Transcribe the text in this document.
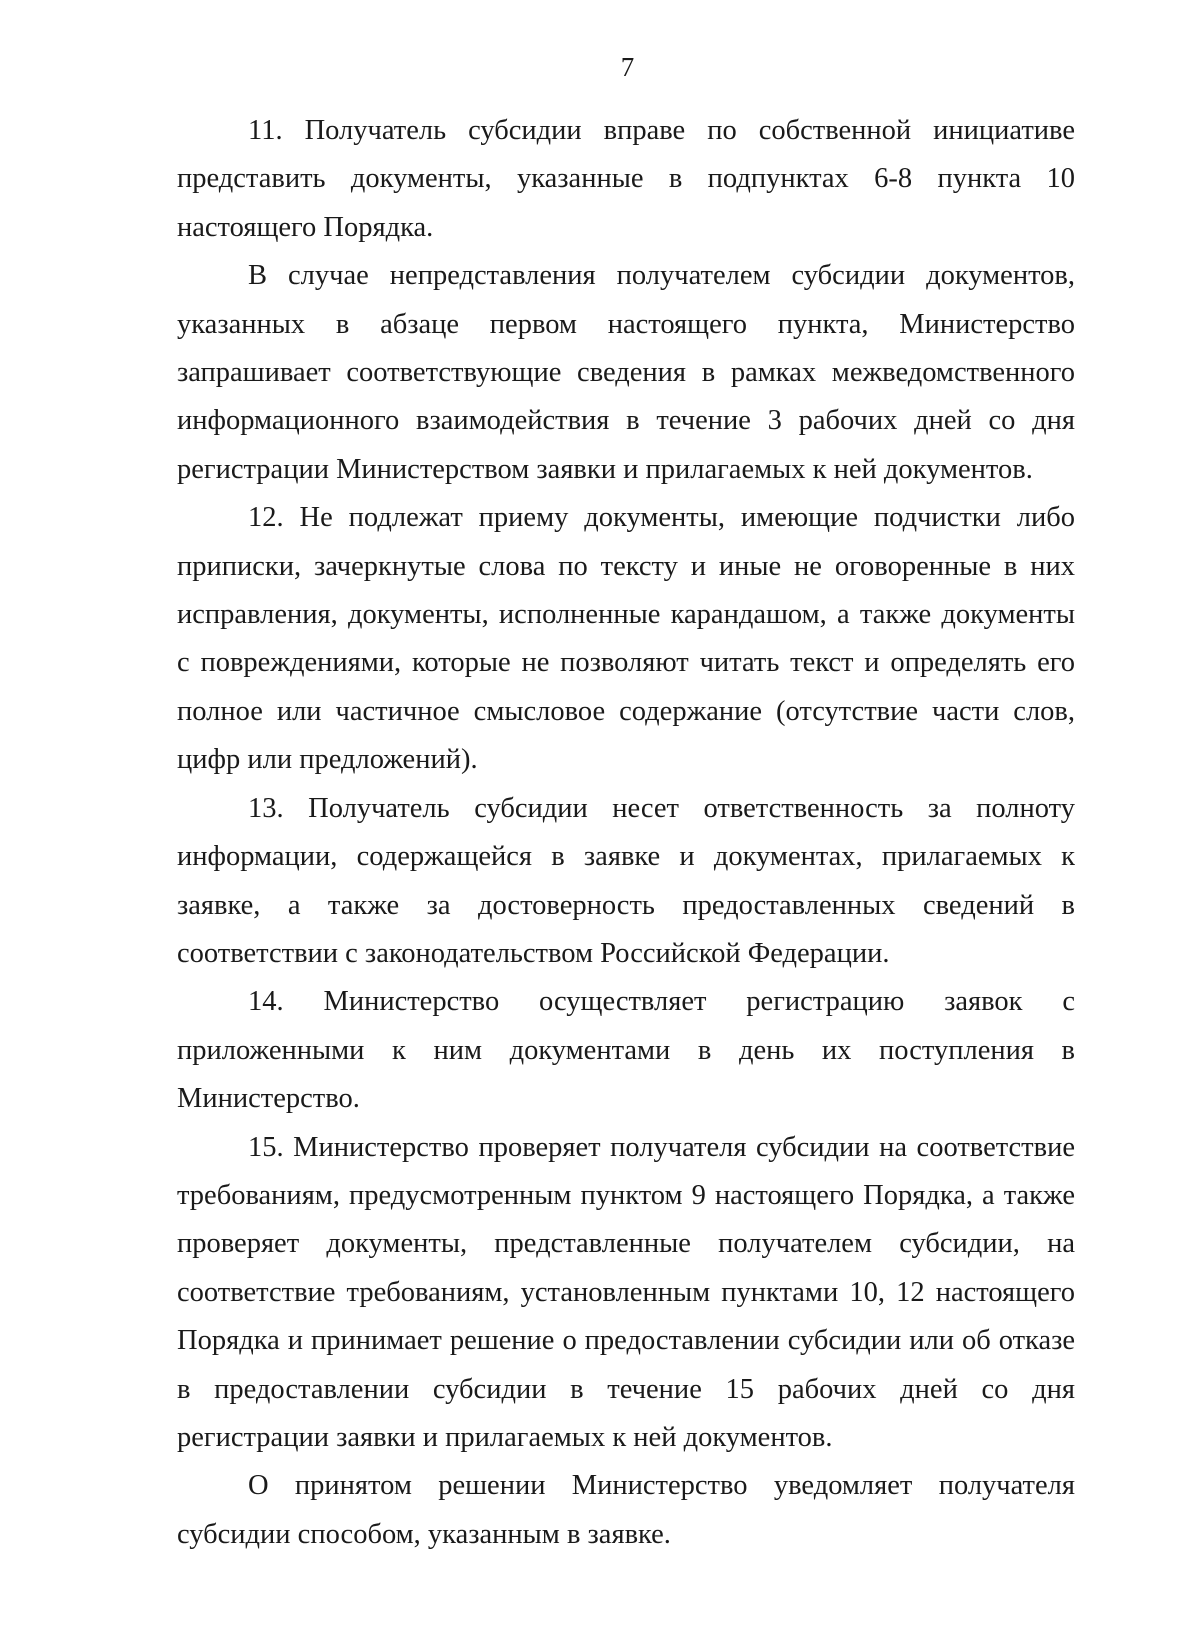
7

11. Получатель субсидии вправе по собственной инициативе представить документы, указанные в подпунктах 6-8 пункта 10 настоящего Порядка.

В случае непредставления получателем субсидии документов, указанных в абзаце первом настоящего пункта, Министерство запрашивает соответствующие сведения в рамках межведомственного информационного взаимодействия в течение 3 рабочих дней со дня регистрации Министерством заявки и прилагаемых к ней документов.

12. Не подлежат приему документы, имеющие подчистки либо приписки, зачеркнутые слова по тексту и иные не оговоренные в них исправления, документы, исполненные карандашом, а также документы с повреждениями, которые не позволяют читать текст и определять его полное или частичное смысловое содержание (отсутствие части слов, цифр или предложений).

13. Получатель субсидии несет ответственность за полноту информации, содержащейся в заявке и документах, прилагаемых к заявке, а также за достоверность предоставленных сведений в соответствии с законодательством Российской Федерации.

14. Министерство осуществляет регистрацию заявок с приложенными к ним документами в день их поступления в Министерство.

15. Министерство проверяет получателя субсидии на соответствие требованиям, предусмотренным пунктом 9 настоящего Порядка, а также проверяет документы, представленные получателем субсидии, на соответствие требованиям, установленным пунктами 10, 12 настоящего Порядка и принимает решение о предоставлении субсидии или об отказе в предоставлении субсидии в течение 15 рабочих дней со дня регистрации заявки и прилагаемых к ней документов.

О принятом решении Министерство уведомляет получателя субсидии способом, указанным в заявке.
